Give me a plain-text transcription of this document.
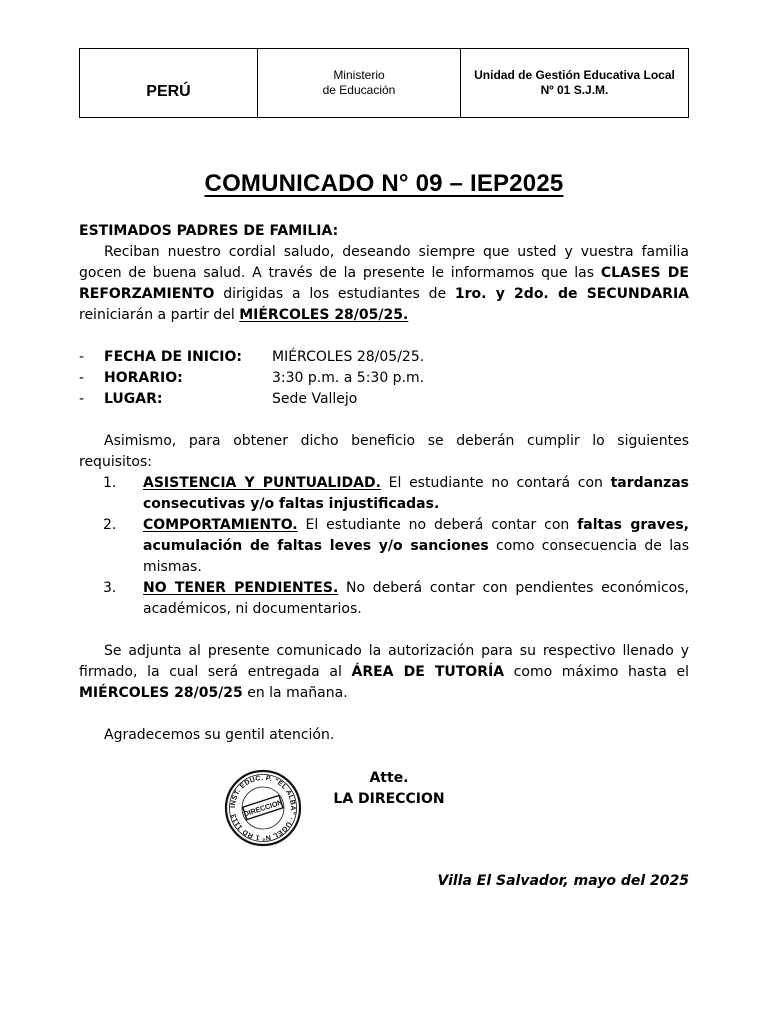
PERÚ
Ministerio
de Educación
Unidad de Gestión Educativa Local
Nº 01 S.J.M.
COMUNICADO N° 09 – IEP2025

ESTIMADOS PADRES DE FAMILIA:

Reciban nuestro cordial saludo, deseando siempre que usted y vuestra familia gocen de buena salud. A través de la presente le informamos que las CLASES DE REFORZAMIENTO dirigidas a los estudiantes de 1ro. y 2do. de SECUNDARIA reiniciarán a partir del MIÉRCOLES 28/05/25.

-	FECHA DE INICIO:	MIÉRCOLES 28/05/25.
-	HORARIO:	3:30 p.m. a 5:30 p.m.
-	LUGAR:	Sede Vallejo

Asimismo, para obtener dicho beneficio se deberán cumplir lo siguientes requisitos:

1.	ASISTENCIA Y PUNTUALIDAD. El estudiante no contará con tardanzas consecutivas y/o faltas injustificadas.
2.	COMPORTAMIENTO. El estudiante no deberá contar con faltas graves, acumulación de faltas leves y/o sanciones como consecuencia de las mismas.
3.	NO TENER PENDIENTES. No deberá contar con pendientes económicos, académicos, ni documentarios.

Se adjunta al presente comunicado la autorización para su respectivo llenado y firmado, la cual será entregada al ÁREA DE TUTORÍA como máximo hasta el MIÉRCOLES 28/05/25 en la mañana.

Agradecemos su gentil atención.

INST. EDUC. P. "EL ALBA" · UGEL Nº 1 RD 1113 DIRECCION
Atte.
LA DIRECCION
Villa El Salvador, mayo del 2025
